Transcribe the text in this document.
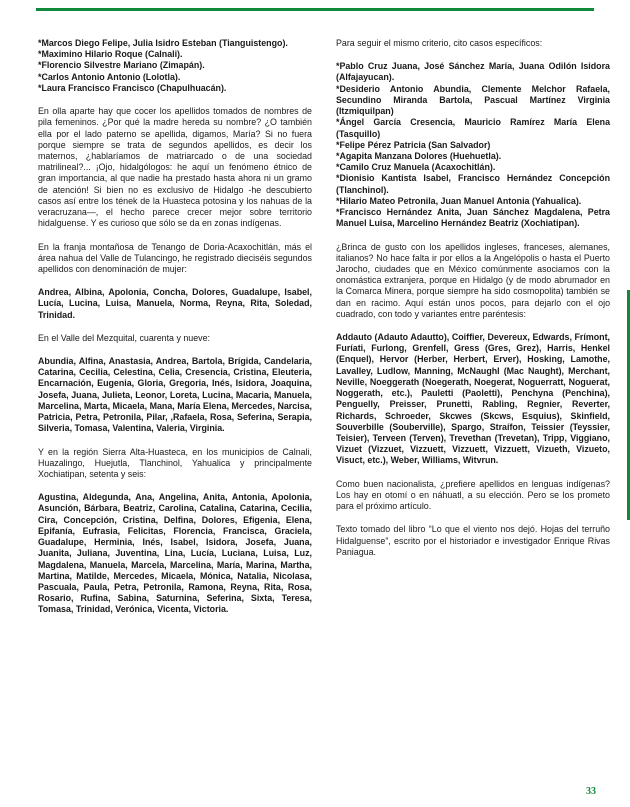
*Marcos Diego Felipe, Julia Isidro Esteban (Tianguistengo).

*Maximino Hilario Roque (Calnali).

*Florencio Silvestre Mariano (Zimapán).

*Carlos Antonio Antonio (Lolotla).

*Laura Francisco Francisco (Chapulhuacán).

En olla aparte hay que cocer los apellidos tomados de nombres de pila femeninos. ¿Por qué la madre hereda su nombre? ¿O también ella por el lado paterno se apellida, digamos, María? Si no fuera porque siempre se trata de segundos apellidos, es decir los maternos, ¿hablaríamos de matriarcado o de una sociedad matrilineal?... ¡Ojo, hidalgólogos: he aquí un fenómeno étnico de gran importancia, al que nadie ha prestado hasta ahora ni un gramo de atención! Si bien no es exclusivo de Hidalgo -he descubierto casos así entre los tének de la Huasteca potosina y los nahuas de la veracruzana—, el hecho parece crecer mejor sobre territorio hidalguense. Y es curioso que sólo se da en zonas indígenas.

En la franja montañosa de Tenango de Doria-Acaxochitlán, más el área nahua del Valle de Tulancingo, he registrado dieciséis segundos apellidos con denominación de mujer:

Andrea, Albina, Apolonia, Concha, Dolores, Guadalupe, Isabel, Lucía, Lucina, Luisa, Manuela, Norma, Reyna, Rita, Soledad, Trinidad.

En el Valle del Mezquital, cuarenta y nueve:

Abundia, Alfina, Anastasia, Andrea, Bartola, Brígida, Candelaria, Catarina, Cecilia, Celestina, Celia, Cresencia, Cristina, Eleuteria, Encarnación, Eugenia, Gloria, Gregoria, Inés, Isidora, Joaquina, Josefa, Juana, Julieta, Leonor, Loreta, Lucina, Macaria, Manuela, Marcelina, Marta, Micaela, Mana, María Elena, Mercedes, Narcisa, Patricia, Petra, Petronila, Pilar, ,Rafaela, Rosa, Seferina, Serapia, Silveria, Tomasa, Valentina, Valeria, Virginia.

Y en la región Sierra Alta-Huasteca, en los municipios de Calnali, Huazalingo, Huejutla, Tlanchinol, Yahualica y principalmente Xochiatipan, setenta y seis:

Agustina, Aldegunda, Ana, Angelina, Anita, Antonia, Apolonia, Asunción, Bárbara, Beatriz, Carolina, Catalina, Catarina, Cecilia, Cira, Concepción, Cristina, Delfina, Dolores, Efigenia, Elena, Epifanía, Eufrasia, Felicitas, Florencia, Francisca, Graciela, Guadalupe, Herminia, Inés, Isabel, Isidora, Josefa, Juana, Juanita, Juliana, Juventina, Lina, Lucía, Luciana, Luisa, Luz, Magdalena, Manuela, Marcela, Marcelina, María, Marina, Martha, Martina, Matilde, Mercedes, Micaela, Mónica, Natalia, Nicolasa, Pascuala, Paula, Petra, Petronila, Ramona, Reyna, Rita, Rosa, Rosario, Rufina, Sabina, Saturnina, Seferina, Sixta, Teresa, Tomasa, Trinidad, Verónica, Vicenta, Victoria.

Para seguir el mismo criterio, cito casos específicos:

*Pablo Cruz Juana, José Sánchez María, Juana Odilón Isidora (Alfajayucan).

*Desiderio Antonio Abundia, Clemente Melchor Rafaela, Secundino Miranda Bartola, Pascual Martínez Virginia (Itzmiquilpan)

*Ángel García Cresencia, Mauricio Ramírez María Elena (Tasquillo)

*Felipe Pérez Patricia (San Salvador)

*Agapita Manzana Dolores (Huehuetla).

*Camilo Cruz Manuela (Acaxochitlán).

*Dionisio Kantista Isabel, Francisco Hernández Concepción (Tlanchinol).

*Hilario Mateo Petronila, Juan Manuel Antonia (Yahualica).

*Francisco Hernández Anita, Juan Sánchez Magdalena, Petra Manuel Luisa, Marcelino Hernández Beatriz (Xochiatipan).

¿Brinca de gusto con los apellidos ingleses, franceses, alemanes, italianos? No hace falta ir por ellos a la Angelópolis o hasta el Puerto Jarocho, ciudades que en México comúnmente asociamos con la onomástica extranjera, porque en Hidalgo (y de modo abrumador en la Comarca Minera, porque siempre ha sido cosmopolita) también se dan en racimo. Aquí están unos pocos, para dejarlo con el ojo cuadrado, con todo y variantes entre paréntesis:

Addauto (Adauto Adautto), Coiffier, Devereux, Edwards, Frímont, Furíati, Furlong, Grenfell, Gress (Gres, Grez), Harris, Henkel (Enquel), Hervor (Herber, Herbert, Erver), Hosking, Lamothe, Lavalley, Ludlow, Manning, McNaughl (Mac Naught), Merchant, Neville, Noeggerath (Noegerath, Noegerat, Noguerratt, Noguerat, Noggerath, etc.), Pauletti (Paoletti), Penchyna (Penchina), Penguelly, Preisser, Prunetti, Rabling, Regnier, Reverter, Richards, Schroeder, Skcwes (Skcws, Esquius), Skinfield, Souverbille (Souberville), Spargo, Straífon, Teissier (Teyssier, Teisier), Terveen (Terven), Trevethan (Trevetan), Tripp, Viggiano, Vizuet (Vizzuet, Vizzuett, Vizzuett, Vizzuett, Vizueth, Vizueto, Visuct, etc.), Weber, Williams, Witvrun.

Como buen nacionalista, ¿prefiere apellidos en lenguas indígenas? Los hay en otomí o en náhuatl, a su elección. Pero se los prometo para el próximo artículo.

Texto tomado del libro “Lo que el viento nos dejó. Hojas del terruño Hidalguense”, escrito por el historiador e investigador Enrique Rivas Paniagua.

33
